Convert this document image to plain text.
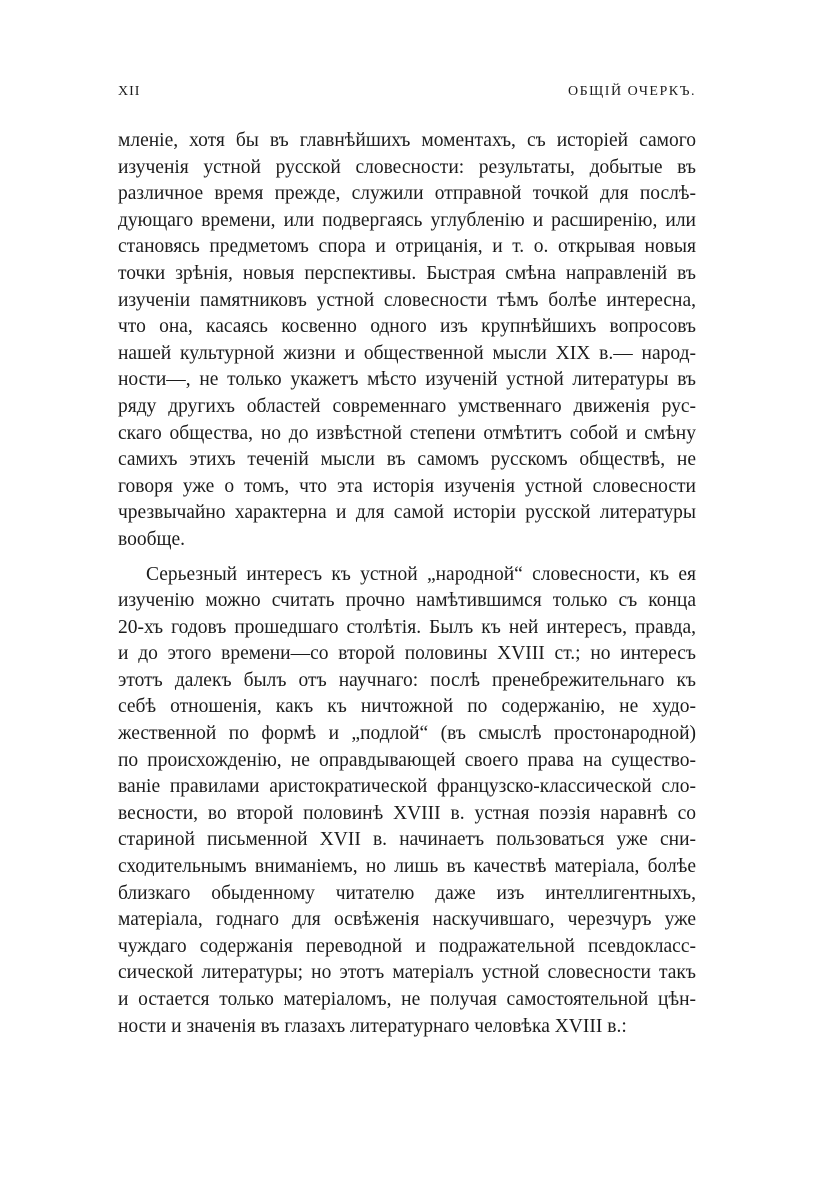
XII	ОБЩІЙ ОЧЕРКЪ.
мленіе, хотя бы въ главнѣйшихъ моментахъ, съ исторіей самого
изученія устной русской словесности: результаты, добытые въ
различное время прежде, служили отправной точкой для послѣ-
дующаго времени, или подвергаясь углубленію и расширенію, или
становясь предметомъ спора и отрицанія, и т. о. открывая новыя
точки зрѣнія, новыя перспективы. Быстрая смѣна направленій въ
изученіи памятниковъ устной словесности тѣмъ болѣе интересна,
что она, касаясь косвенно одного изъ крупнѣйшихъ вопросовъ
нашей культурной жизни и общественной мысли XIX в.— народ-
ности—, не только укажетъ мѣсто изученій устной литературы въ
ряду другихъ областей современнаго умственнаго движенія рус-
скаго общества, но до извѣстной степени отмѣтитъ собой и смѣну
самихъ этихъ теченій мысли въ самомъ русскомъ обществѣ, не
говоря уже о томъ, что эта исторія изученія устной словесности
чрезвычайно характерна и для самой исторіи русской литературы
вообще.
Серьезный интересъ къ устной „народной“ словесности, къ ея
изученію можно считать прочно намѣтившимся только съ конца
20-хъ годовъ прошедшаго столѣтія. Былъ къ ней интересъ, правда,
и до этого времени—со второй половины XVIII ст.; но интересъ
этотъ далекъ былъ отъ научнаго: послѣ пренебрежительнаго къ
себѣ отношенія, какъ къ ничтожной по содержанію, не худо-
жественной по формѣ и „подлой“ (въ смыслѣ простонародной)
по происхожденію, не оправдывающей своего права на существо-
ваніе правилами аристократической французско-классической сло-
весности, во второй половинѣ XVIII в. устная поэзія наравнѣ со
стариной письменной XVII в. начинаетъ пользоваться уже сни-
сходительнымъ вниманіемъ, но лишь въ качествѣ матеріала, болѣе
близкаго обыденному читателю даже изъ интеллигентныхъ,
матеріала, годнаго для освѣженія наскучившаго, черезчуръ уже
чуждаго содержанія переводной и подражательной псевдокласс-
сической литературы; но этотъ матеріалъ устной словесности такъ
и остается только матеріаломъ, не получая самостоятельной цѣн-
ности и значенія въ глазахъ литературнаго человѣка XVIII в.:
